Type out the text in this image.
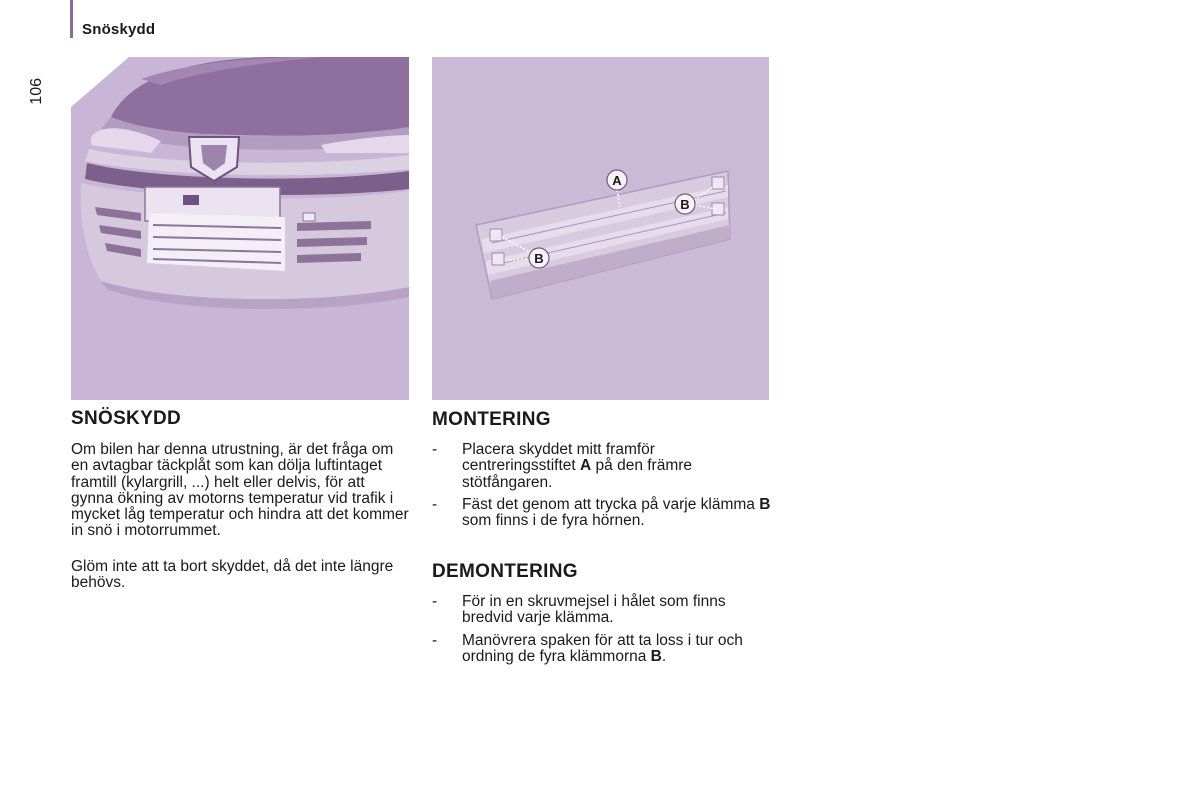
Snöskydd
106
A
B
B
SNÖSKYDD

Om bilen har denna utrustning, är det fråga om en avtagbar täckplåt som kan dölja luftintaget framtill (kylargrill, ...) helt eller delvis, för att gynna ökning av motorns temperatur vid trafik i mycket låg temperatur och hindra att det kommer in snö i motorrummet.

Glöm inte att ta bort skyddet, då det inte längre behövs.

MONTERING
- Placera skyddet mitt framför centreringsstiftet A på den främre stötfångaren.
- Fäst det genom att trycka på varje klämma B som finns i de fyra hörnen.
DEMONTERING
- För in en skruvmejsel i hålet som finns bredvid varje klämma.
- Manövrera spaken för att ta loss i tur och ordning de fyra klämmorna B.
